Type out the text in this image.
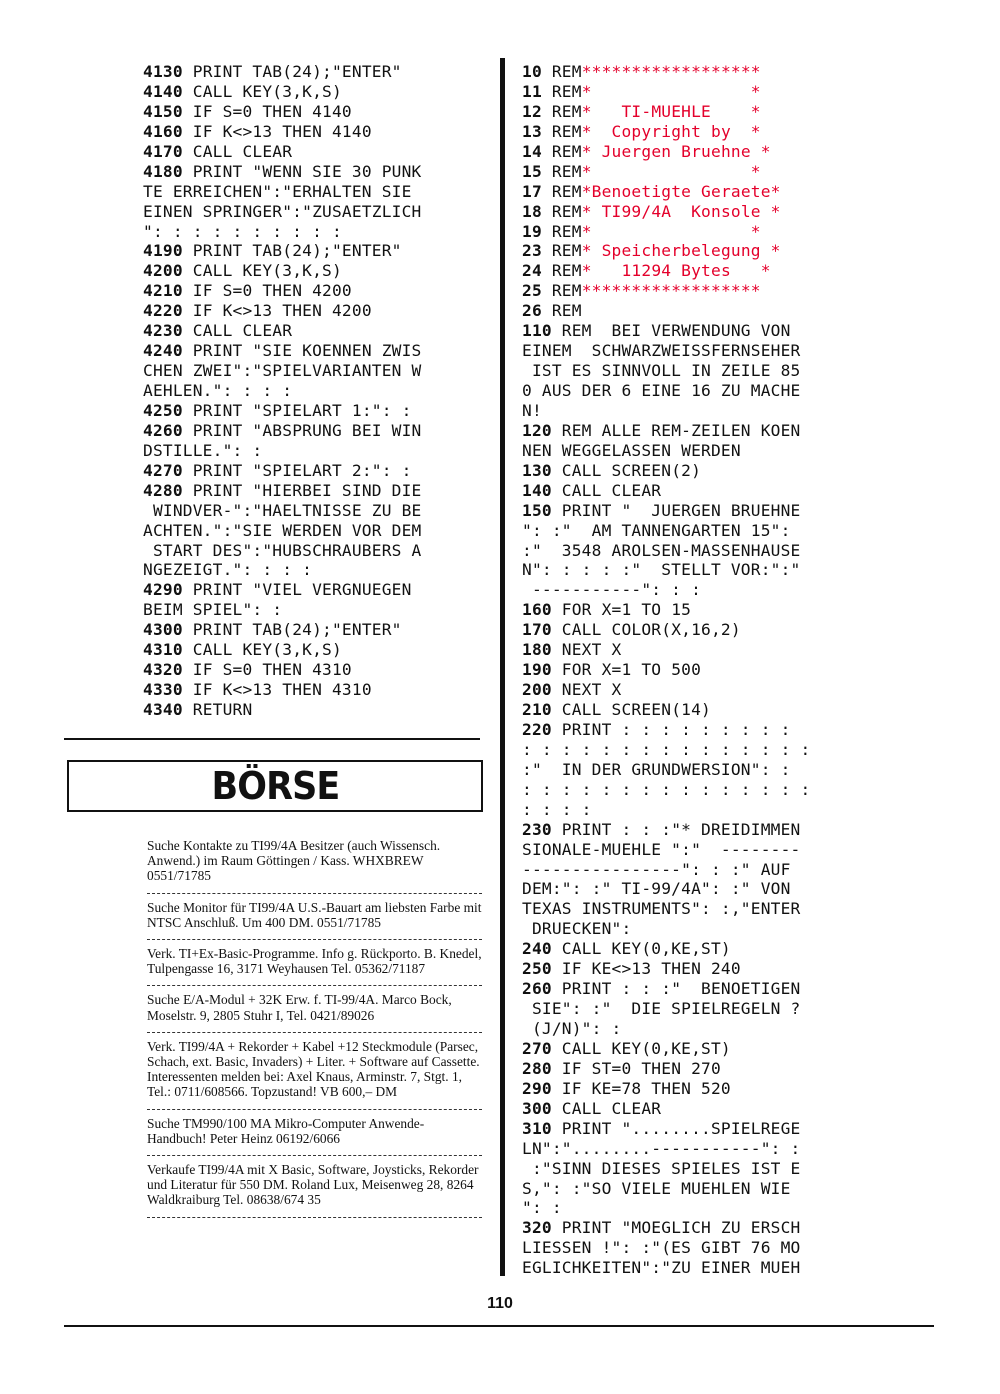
4130 PRINT TAB(24);"ENTER"
4140 CALL KEY(3,K,S)
4150 IF S=0 THEN 4140
4160 IF K<>13 THEN 4140
4170 CALL CLEAR
4180 PRINT "WENN SIE 30 PUNK
TE ERREICHEN":"ERHALTEN SIE
EINEN SPRINGER":"ZUSAETZLICH
": : : : : : : : : :
4190 PRINT TAB(24);"ENTER"
4200 CALL KEY(3,K,S)
4210 IF S=0 THEN 4200
4220 IF K<>13 THEN 4200
4230 CALL CLEAR
4240 PRINT "SIE KOENNEN ZWIS
CHEN ZWEI":"SPIELVARIANTEN W
AEHLEN.": : : :
4250 PRINT "SPIELART 1:": :
4260 PRINT "ABSPRUNG BEI WIN
DSTILLE.": :
4270 PRINT "SPIELART 2:": :
4280 PRINT "HIERBEI SIND DIE
WINDVER-":"HAELTNISSE ZU BE
ACHTEN.":"SIE WERDEN VOR DEM
START DES":"HUBSCHRAUBERS A
NGEZEIGT.": : : :
4290 PRINT "VIEL VERGNUEGEN
BEIM SPIEL": :
4300 PRINT TAB(24);"ENTER"
4310 CALL KEY(3,K,S)
4320 IF S=0 THEN 4310
4330 IF K<>13 THEN 4310
4340 RETURN
10 REM******************
11 REM*                *
12 REM*   TI-MUEHLE    *
13 REM*  Copyright by  *
14 REM* Juergen Bruehne *
15 REM*                *
17 REM*Benoetigte Geraete*
18 REM* TI99/4A  Konsole *
19 REM*                *
23 REM* Speicherbelegung *
24 REM*   11294 Bytes   *
25 REM******************
26 REM
110 REM  BEI VERWENDUNG VON
EINEM  SCHWARZWEISSFERNSEHER
IST ES SINNVOLL IN ZEILE 85
0 AUS DER 6 EINE 16 ZU MACHE
N!
120 REM ALLE REM-ZEILEN KOEN
NEN WEGGELASSEN WERDEN
130 CALL SCREEN(2)
140 CALL CLEAR
150 PRINT "  JUERGEN BRUEHNE
": :"  AM TANNENGARTEN 15":
:"  3548 AROLSEN-MASSENHAUSE
N": : : : :"  STELLT VOR:":"
-----------": : :
160 FOR X=1 TO 15
170 CALL COLOR(X,16,2)
180 NEXT X
190 FOR X=1 TO 500
200 NEXT X
210 CALL SCREEN(14)
220 PRINT : : : : : : : : :
: : : : : : : : : : : : : : :
:"  IN DER GRUNDWERSION": :
: : : : : : : : : : : : : : :
: : : :
230 PRINT : : :"* DREIDIMMEN
SIONALE-MUEHLE ":"  --------
----------------": : :" AUF
DEM:": :" TI-99/4A": :" VON
TEXAS INSTRUMENTS": :,"ENTER
DRUECKEN":
240 CALL KEY(0,KE,ST)
250 IF KE<>13 THEN 240
260 PRINT : : :"  BENOETIGEN
SIE": :"  DIE SPIELREGELN ?
(J/N)": :
270 CALL KEY(0,KE,ST)
280 IF ST=0 THEN 270
290 IF KE=78 THEN 520
300 CALL CLEAR
310 PRINT "........SPIELREGE
LN":"........-----------": :
:"SINN DIESES SPIELES IST E
S,": :"SO VIELE MUEHLEN WIE
": :
320 PRINT "MOEGLICH ZU ERSCH
LIESSEN !": :"(ES GIBT 76 MO
EGLICHKEITEN":"ZU EINER MUEH
BÖRSE
Suche Kontakte zu TI99/4A Besitzer (auch Wissensch. Anwend.) im Raum Göttingen / Kass. WHXBREW 0551/71785
Suche Monitor für TI99/4A U.S.-Bauart am liebsten Farbe mit NTSC Anschluß. Um 400 DM. 0551/71785
Verk. TI+Ex-Basic-Programme. Info g. Rückporto. B. Knedel, Tulpengasse 16, 3171 Weyhausen Tel. 05362/71187
Suche E/A-Modul + 32K Erw. f. TI-99/4A. Marco Bock, Moselstr. 9, 2805 Stuhr I, Tel. 0421/89026
Verk. TI99/4A + Rekorder + Kabel +12 Steckmodule (Parsec, Schach, ext. Basic, Invaders) + Liter. + Software auf Cassette. Interessenten melden bei: Axel Knaus, Arminstr. 7, Stgt. 1, Tel.: 0711/608566. Topzustand! VB 600,– DM
Suche TM990/100 MA Mikro-Computer Anwende-Handbuch! Peter Heinz 06192/6066
Verkaufe TI99/4A mit X Basic, Software, Joysticks, Rekorder und Literatur für 550 DM. Roland Lux, Meisenweg 28, 8264 Waldkraiburg Tel. 08638/674 35
110
